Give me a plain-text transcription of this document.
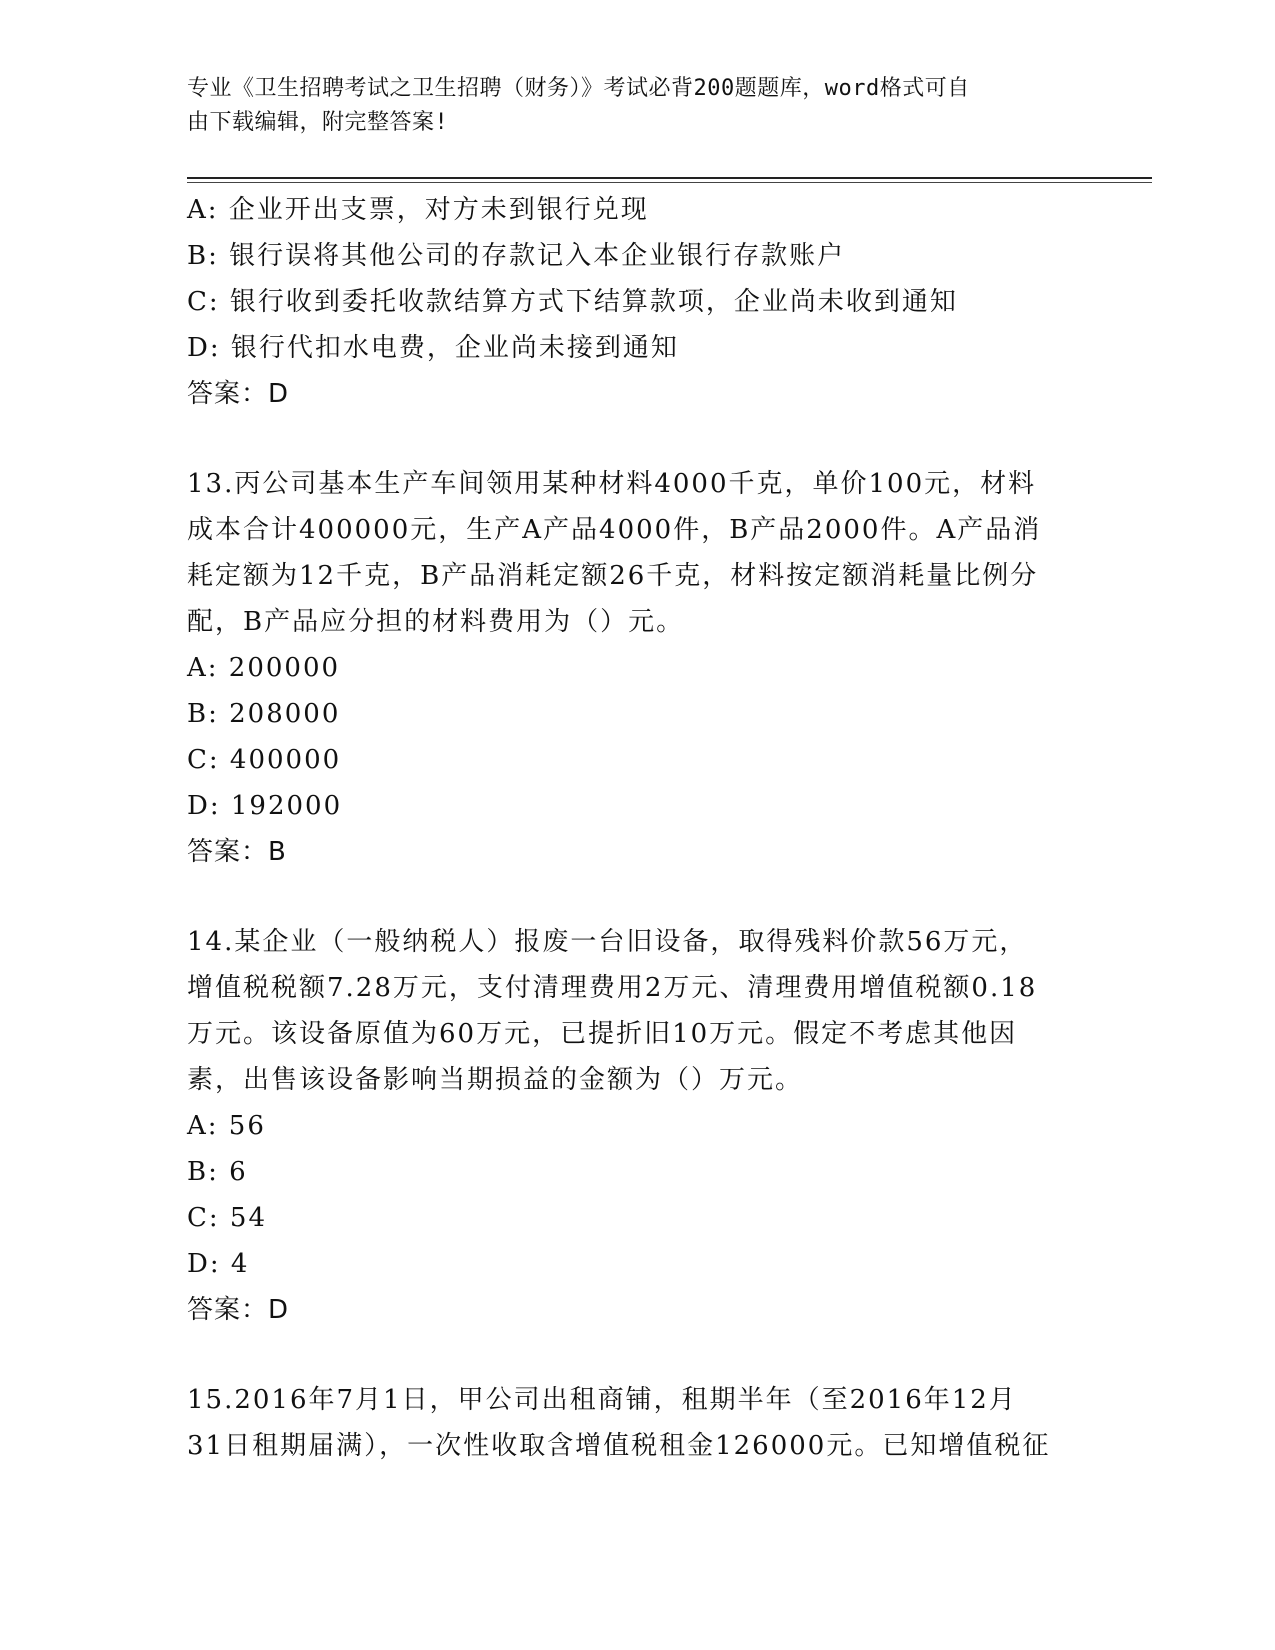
专业《卫生招聘考试之卫生招聘（财务）》考试必背200题题库，word格式可自
由下载编辑，附完整答案!
A: 企业开出支票，对方未到银行兑现
B: 银行误将其他公司的存款记入本企业银行存款账户
C: 银行收到委托收款结算方式下结算款项，企业尚未收到通知
D: 银行代扣水电费，企业尚未接到通知
答案：D
13.丙公司基本生产车间领用某种材料4000千克，单价100元，材料
成本合计400000元，生产A产品4000件，B产品2000件。A产品消
耗定额为12千克，B产品消耗定额26千克，材料按定额消耗量比例分
配，B产品应分担的材料费用为（）元。
A: 200000
B: 208000
C: 400000
D: 192000
答案：B
14.某企业（一般纳税人）报废一台旧设备，取得残料价款56万元，
增值税税额7.28万元，支付清理费用2万元、清理费用增值税额0.18
万元。该设备原值为60万元，已提折旧10万元。假定不考虑其他因
素，出售该设备影响当期损益的金额为（）万元。
A: 56
B: 6
C: 54
D: 4
答案：D
15.2016年7月1日，甲公司出租商铺，租期半年（至2016年12月
31日租期届满），一次性收取含增值税租金126000元。已知增值税征
